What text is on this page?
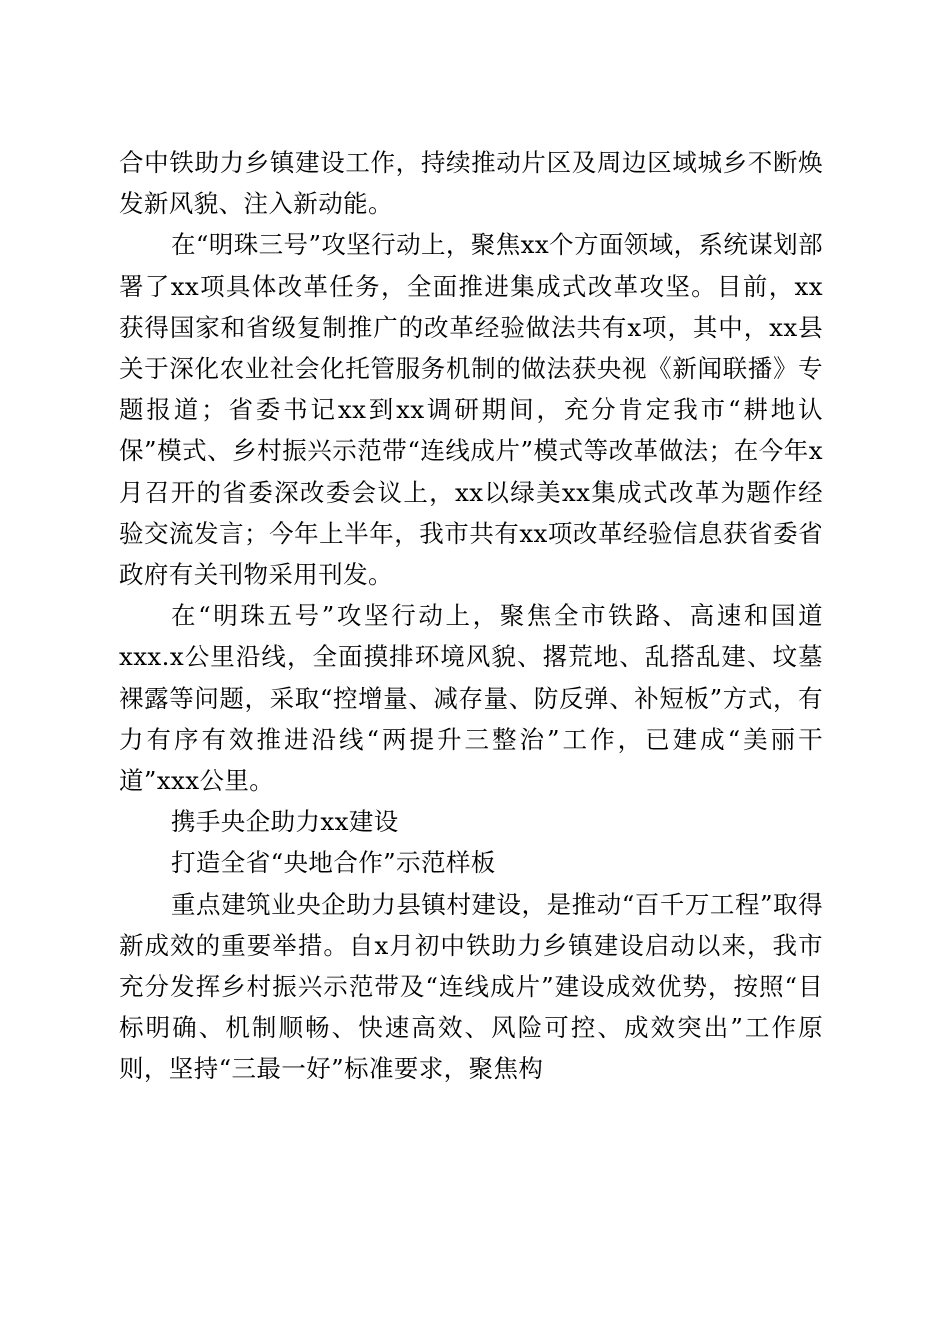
合中铁助力乡镇建设工作，持续推动片区及周边区域城乡不断焕发新风貌、注入新动能。

在“明珠三号”攻坚行动上，聚焦xx个方面领域，系统谋划部署了xx项具体改革任务，全面推进集成式改革攻坚。目前，xx获得国家和省级复制推广的改革经验做法共有x项，其中，xx县关于深化农业社会化托管服务机制的做法获央视《新闻联播》专题报道；省委书记xx到xx调研期间，充分肯定我市“耕地认保”模式、乡村振兴示范带“连线成片”模式等改革做法；在今年x月召开的省委深改委会议上，xx以绿美xx集成式改革为题作经验交流发言；今年上半年，我市共有xx项改革经验信息获省委省政府有关刊物采用刊发。

在“明珠五号”攻坚行动上，聚焦全市铁路、高速和国道xxx.x公里沿线，全面摸排环境风貌、撂荒地、乱搭乱建、坟墓裸露等问题，采取“控增量、减存量、防反弹、补短板”方式，有力有序有效推进沿线“两提升三整治”工作，已建成“美丽干道”xxx公里。

携手央企助力xx建设

打造全省“央地合作”示范样板

重点建筑业央企助力县镇村建设，是推动“百千万工程”取得新成效的重要举措。自x月初中铁助力乡镇建设启动以来，我市充分发挥乡村振兴示范带及“连线成片”建设成效优势，按照“目标明确、机制顺畅、快速高效、风险可控、成效突出”工作原则，坚持“三最一好”标准要求，聚焦构
